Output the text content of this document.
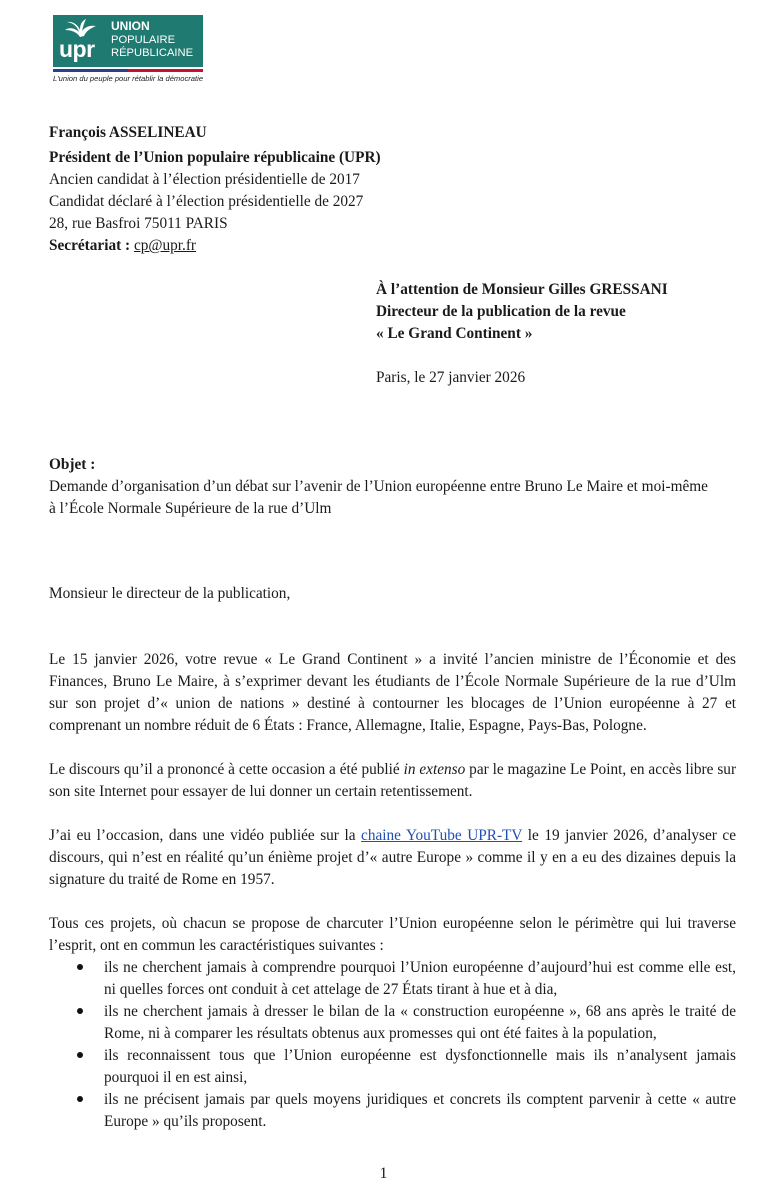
upr
UNION
POPULAIRE
RÉPUBLICAINE
L'union du peuple pour rétablir la démocratie
François ASSELINEAU
Président de l’Union populaire républicaine (UPR)
Ancien candidat à l’élection présidentielle de 2017
Candidat déclaré à l’élection présidentielle de 2027
28, rue Basfroi 75011 PARIS
Secrétariat : cp@upr.fr
À l’attention de Monsieur Gilles GRESSANI
Directeur de la publication de la revue
« Le Grand Continent »
Paris, le 27 janvier 2026
Objet :
Demande d’organisation d’un débat sur l’avenir de l’Union européenne entre Bruno Le Maire et moi-même
à l’École Normale Supérieure de la rue d’Ulm
Monsieur le directeur de la publication,
Le 15 janvier 2026, votre revue « Le Grand Continent » a invité l’ancien ministre de l’Économie et des
Finances, Bruno Le Maire, à s’exprimer devant les étudiants de l’École Normale Supérieure de la rue d’Ulm
sur son projet d’« union de nations » destiné à contourner les blocages de l’Union européenne à 27 et
comprenant un nombre réduit de 6 États : France, Allemagne, Italie, Espagne, Pays-Bas, Pologne.
Le discours qu’il a prononcé à cette occasion a été publié in extenso par le magazine Le Point, en accès libre sur
son site Internet pour essayer de lui donner un certain retentissement.
J’ai eu l’occasion, dans une vidéo publiée sur la chaine YouTube UPR-TV le 19 janvier 2026, d’analyser ce
discours, qui n’est en réalité qu’un énième projet d’« autre Europe » comme il y en a eu des dizaines depuis la
signature du traité de Rome en 1957.
Tous ces projets, où chacun se propose de charcuter l’Union européenne selon le périmètre qui lui traverse
l’esprit, ont en commun les caractéristiques suivantes :
ils ne cherchent jamais à comprendre pourquoi l’Union européenne d’aujourd’hui est comme elle est,
ni quelles forces ont conduit à cet attelage de 27 États tirant à hue et à dia,
ils ne cherchent jamais à dresser le bilan de la « construction européenne », 68 ans après le traité de
Rome, ni à comparer les résultats obtenus aux promesses qui ont été faites à la population,
ils reconnaissent tous que l’Union européenne est dysfonctionnelle mais ils n’analysent jamais
pourquoi il en est ainsi,
ils ne précisent jamais par quels moyens juridiques et concrets ils comptent parvenir à cette « autre
Europe » qu’ils proposent.
1
